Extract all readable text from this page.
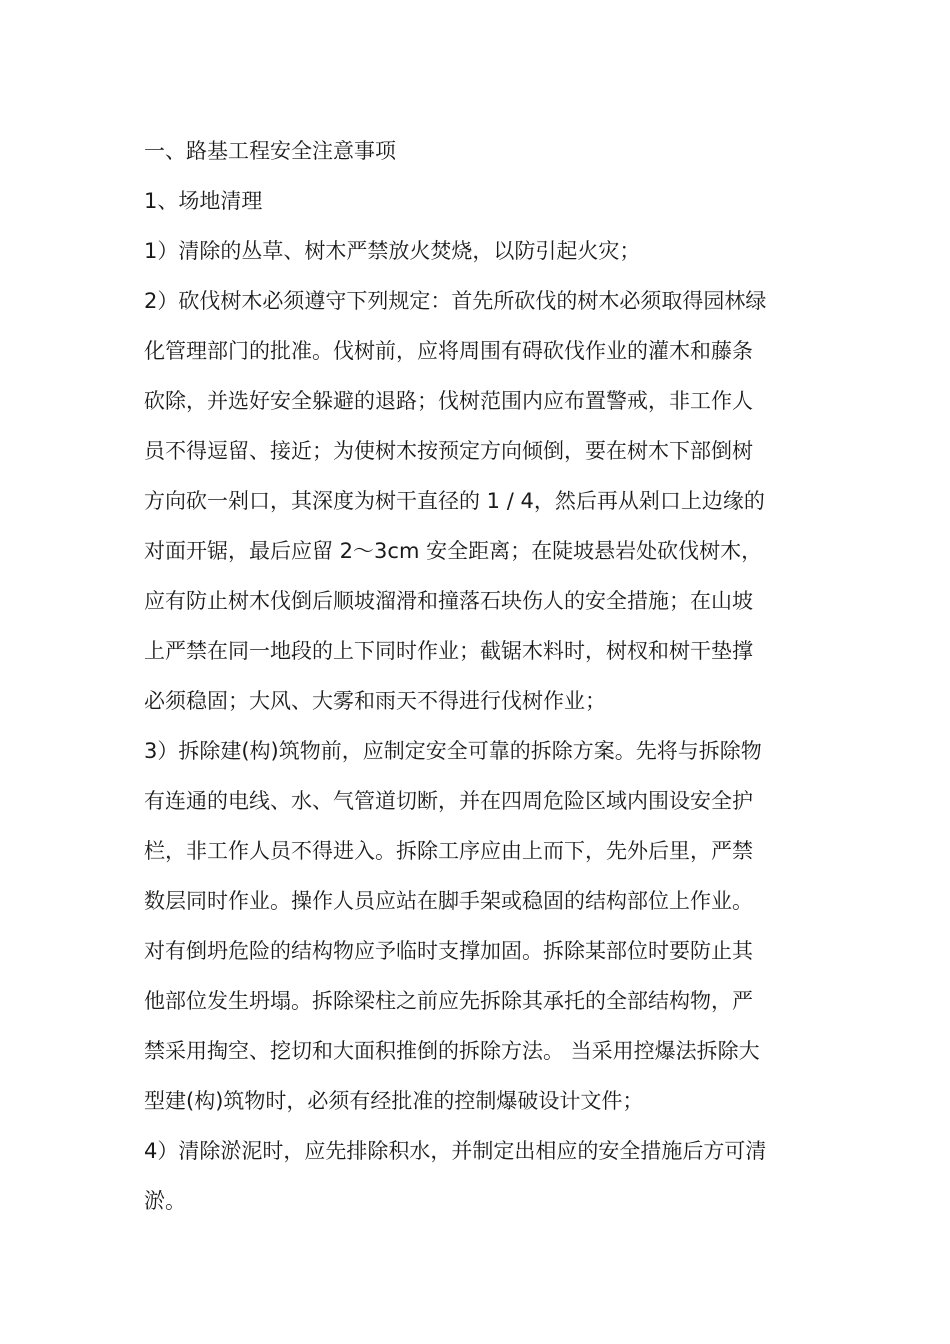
一、路基工程安全注意事项
1、场地清理
1）清除的丛草、树木严禁放火焚烧，以防引起火灾；
2）砍伐树木必须遵守下列规定：首先所砍伐的树木必须取得园林绿
化管理部门的批准。伐树前，应将周围有碍砍伐作业的灌木和藤条
砍除，并选好安全躲避的退路；伐树范围内应布置警戒，非工作人
员不得逗留、接近；为使树木按预定方向倾倒，要在树木下部倒树
方向砍一剁口，其深度为树干直径的 1 / 4，然后再从剁口上边缘的
对面开锯，最后应留 2～3cm 安全距离；在陡坡悬岩处砍伐树木，
应有防止树木伐倒后顺坡溜滑和撞落石块伤人的安全措施；在山坡
上严禁在同一地段的上下同时作业；截锯木料时，树杈和树干垫撑
必须稳固；大风、大雾和雨天不得进行伐树作业；
3）拆除建(构)筑物前，应制定安全可靠的拆除方案。先将与拆除物
有连通的电线、水、气管道切断，并在四周危险区域内围设安全护
栏，非工作人员不得进入。拆除工序应由上而下，先外后里，严禁
数层同时作业。操作人员应站在脚手架或稳固的结构部位上作业。
对有倒坍危险的结构物应予临时支撑加固。拆除某部位时要防止其
他部位发生坍塌。拆除梁柱之前应先拆除其承托的全部结构物，严
禁采用掏空、挖切和大面积推倒的拆除方法。 当采用控爆法拆除大
型建(构)筑物时，必须有经批准的控制爆破设计文件；
4）清除淤泥时，应先排除积水，并制定出相应的安全措施后方可清
淤。
